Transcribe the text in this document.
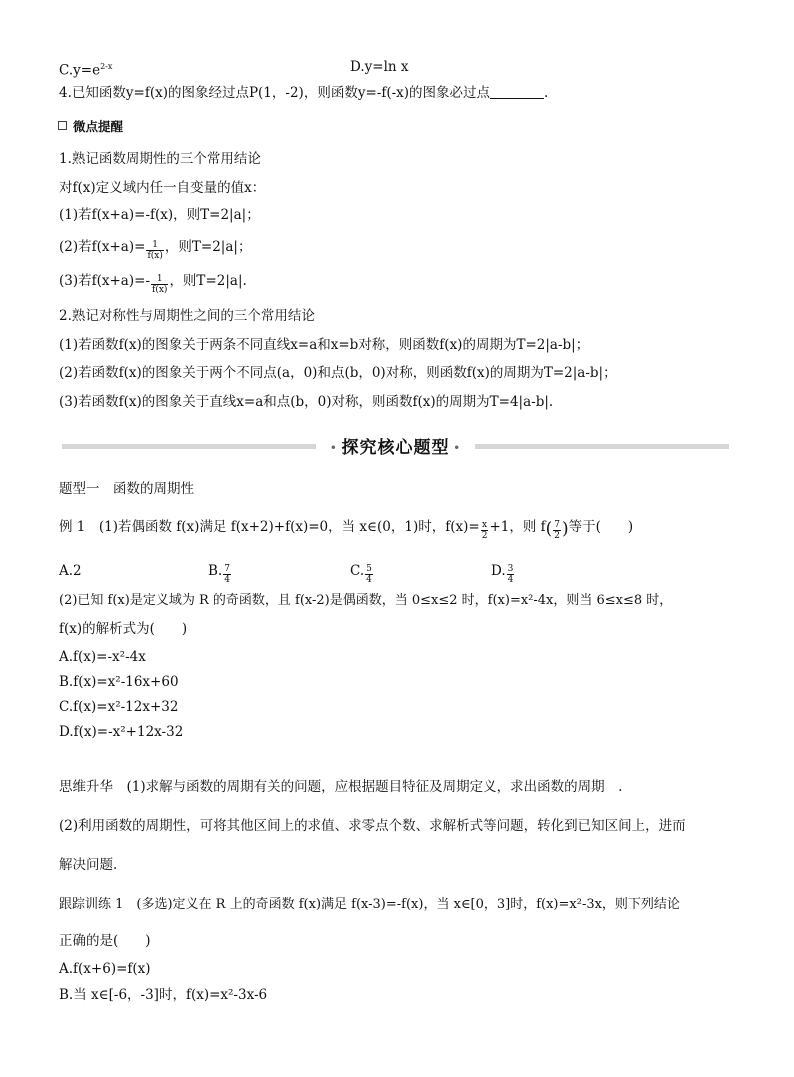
$C.y=e^{2-x}$	D.y=ln x
4.已知函数y=f(x)的图象经过点P(1，-2)，则函数y=-f(-x)的图象必过点	.
微点提醒
1.熟记函数周期性的三个常用结论
对f(x)定义域内任一自变量的值x：
(1)若f(x+a)=-f(x)，则T=2|a|；
(2)若$f(x+a)= \frac{1}{f(x)}$ ，则T=2|a|；
(3)若$f(x+a)=- \frac{1}{f(x)}$ ，则T=2|a|.
2.熟记对称性与周期性之间的三个常用结论
(1)若函数f(x)的图象关于两条不同直线x=a和x=b对称，则函数f(x)的周期为T=2|a-b|；
(2)若函数f(x)的图象关于两个不同点(a，0)和点(b，0)对称，则函数f(x)的周期为T=2|a-b|；
(3)若函数f(x)的图象关于直线x=a和点(b，0)对称，则函数f(x)的周期为T=4|a-b|.
• 探究核心题型 •
题型一　函数的周期性
例 1　(1)若偶函数 f(x)满足 f(x+2)+f(x)=0，当 x∈(0，1)时，$f(x)= \frac{x}{2} +1$，则 $f( \frac{7}{2}$ )等于(　　)
A.2	B. $\frac{7}{4}$	C. $\frac{5}{4}$	D. $\frac{3}{4}$
(2)已知 f(x)是定义域为 R 的奇函数，且 f(x-2)是偶函数，当 0≤x≤2 时，f(x)=x²-4x，则当 6≤x≤8 时，
f(x)的解析式为(　　)
A.f(x)=-x²-4x
B.f(x)=x²-16x+60
C.f(x)=x²-12x+32
D.f(x)=-x²+12x-32
思维升华　(1)求解与函数的周期有关的问题，应根据题目特征及周期定义，求出函数的周期　.
(2)利用函数的周期性，可将其他区间上的求值、求零点个数、求解析式等问题，转化到已知区间上，进而
解决问题.
跟踪训练 1　(多选)定义在 R 上的奇函数 f(x)满足 f(x-3)=-f(x)，当 x∈[0，3]时，f(x)=x²-3x，则下列结论
正确的是(　　)
A.f(x+6)=f(x)
B.当 x∈[-6，-3]时，f(x)=x²-3x-6
